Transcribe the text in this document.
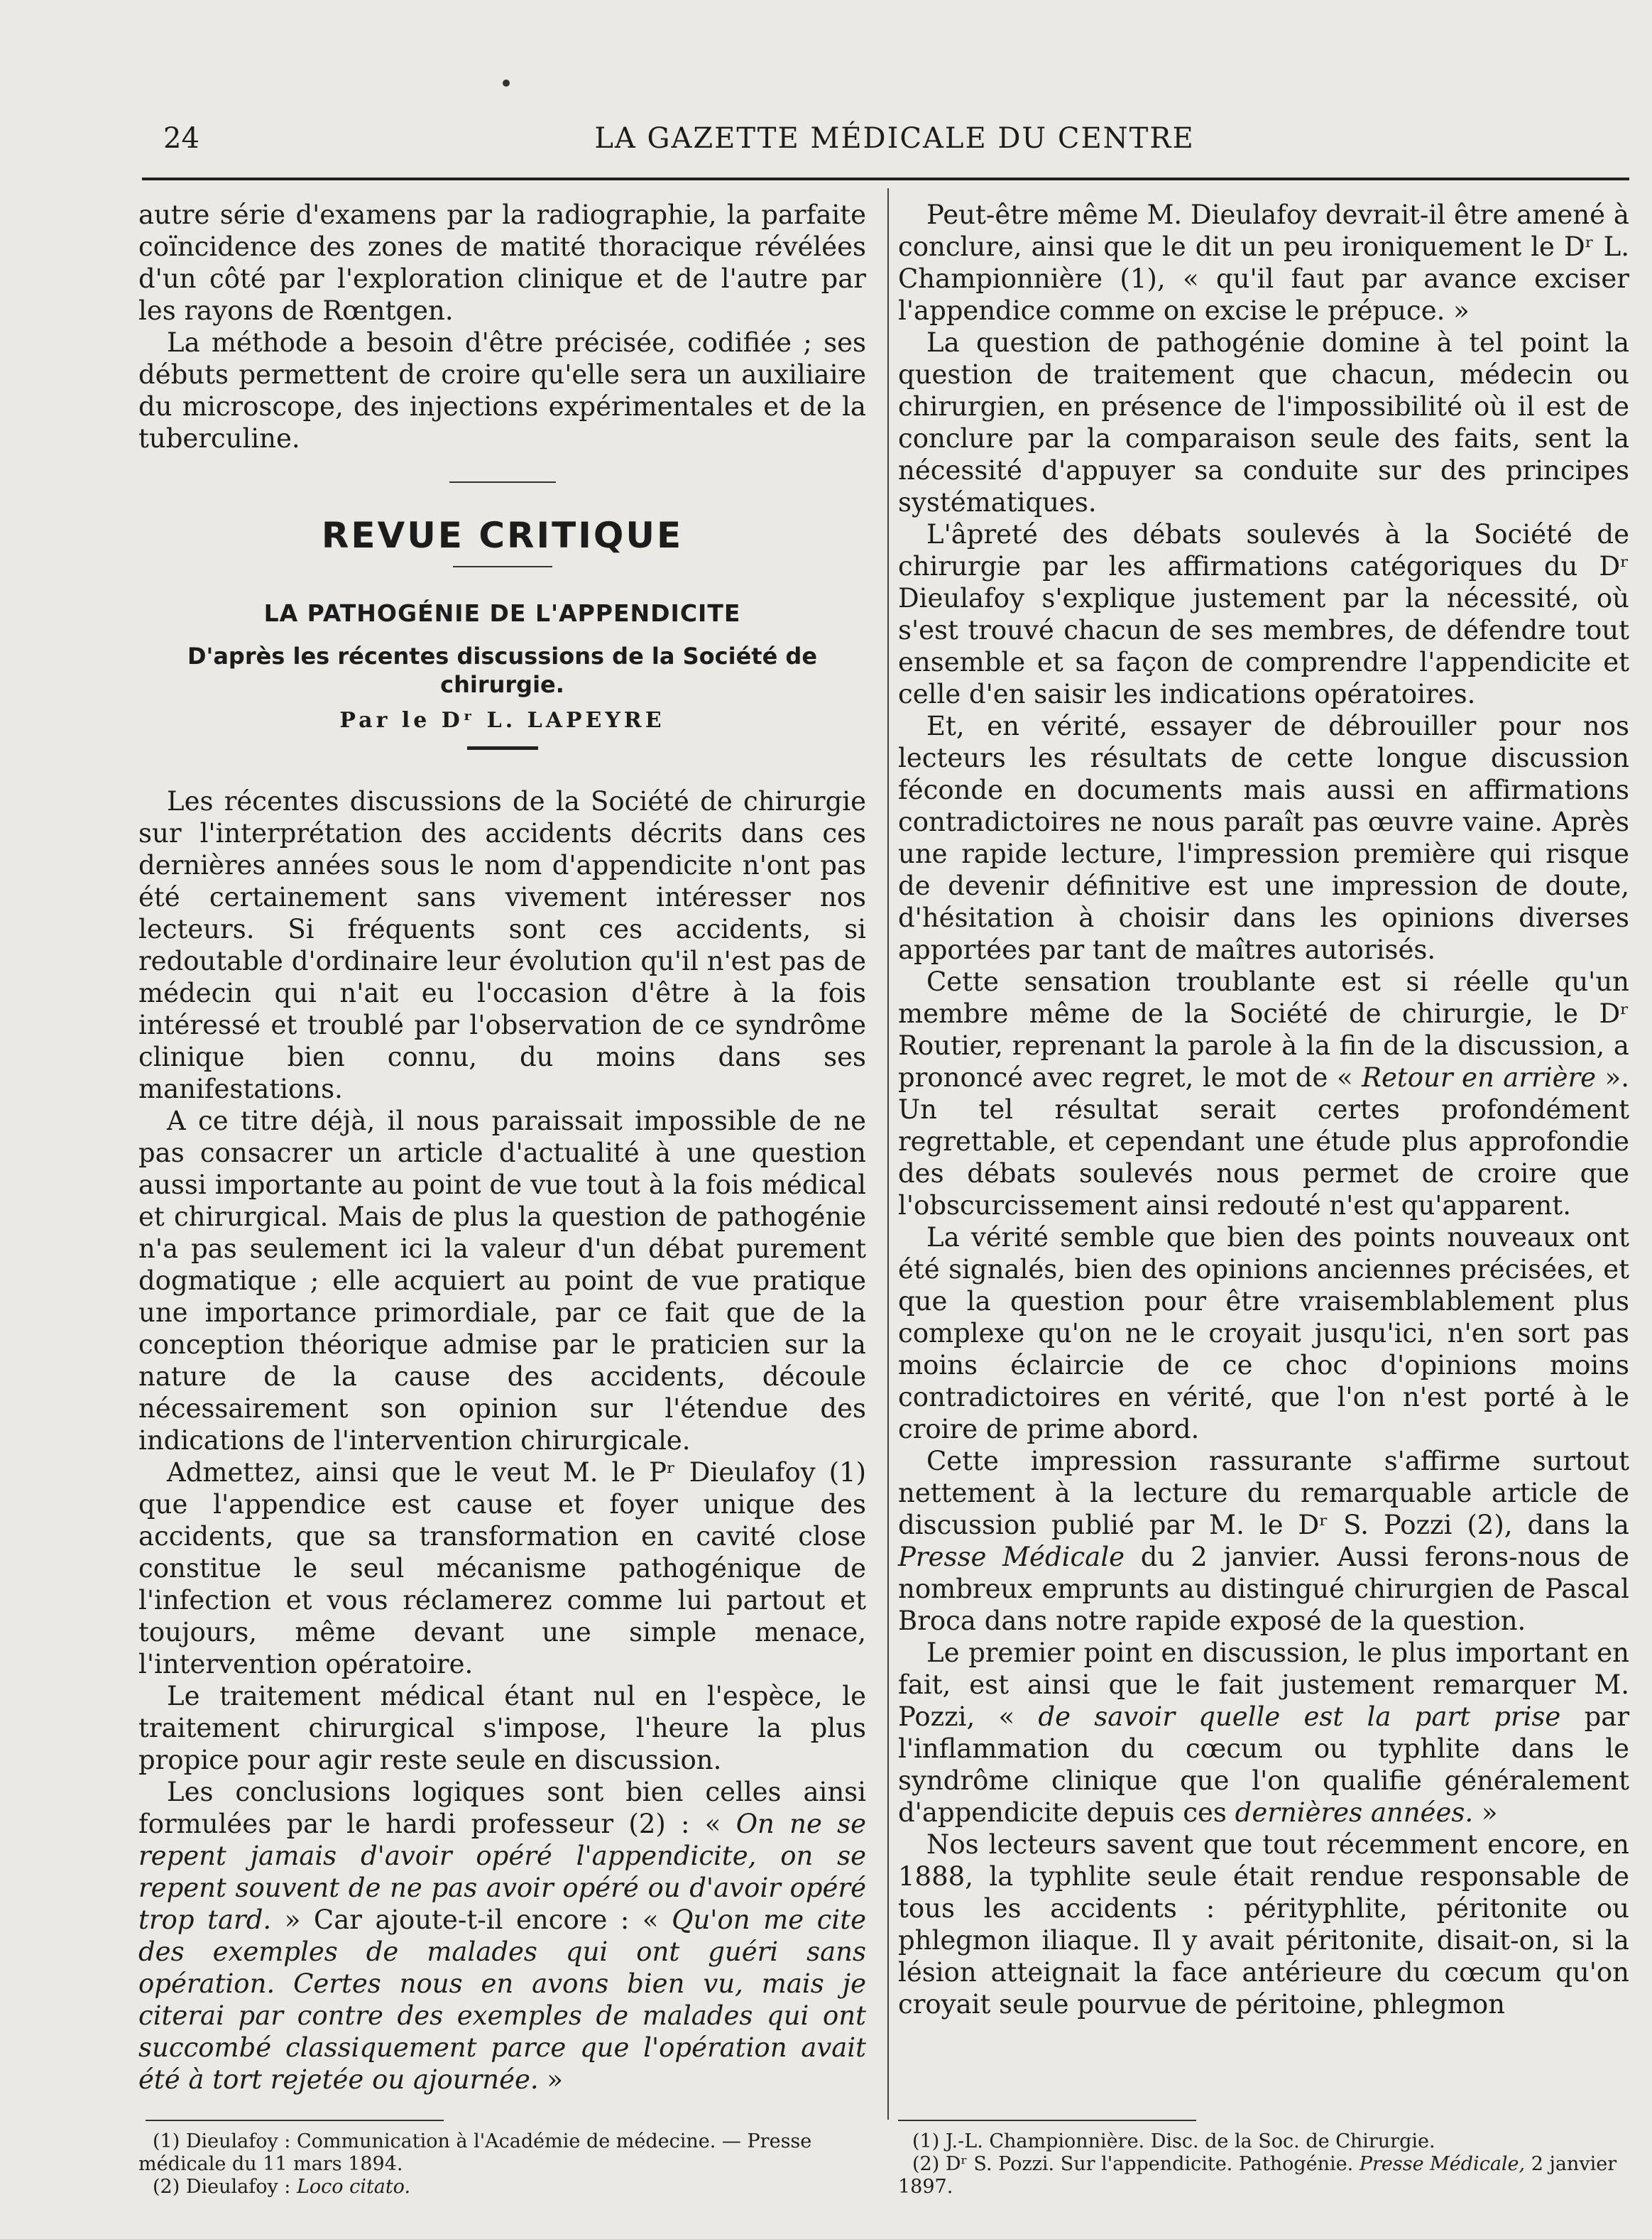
24	LA GAZETTE MÉDICALE DU CENTRE

autre série d'examens par la radiographie, la parfaite coïncidence des zones de matité thoracique révélées d'un côté par l'exploration clinique et de l'autre par les rayons de Rœntgen.

La méthode a besoin d'être précisée, codifiée ; ses débuts permettent de croire qu'elle sera un auxiliaire du microscope, des injections expérimentales et de la tuberculine.

REVUE CRITIQUE
LA PATHOGÉNIE DE L'APPENDICITE
D'après les récentes discussions de la Société de chirurgie.
Par le Dʳ L. LAPEYRE

Les récentes discussions de la Société de chirurgie sur l'interprétation des accidents décrits dans ces dernières années sous le nom d'appendicite n'ont pas été certainement sans vivement intéresser nos lecteurs. Si fréquents sont ces accidents, si redoutable d'ordinaire leur évolution qu'il n'est pas de médecin qui n'ait eu l'occasion d'être à la fois intéressé et troublé par l'observation de ce syndrôme clinique bien connu, du moins dans ses manifestations.

A ce titre déjà, il nous paraissait impossible de ne pas consacrer un article d'actualité à une question aussi importante au point de vue tout à la fois médical et chirurgical. Mais de plus la question de pathogénie n'a pas seulement ici la valeur d'un débat purement dogmatique ; elle acquiert au point de vue pratique une importance primordiale, par ce fait que de la conception théorique admise par le praticien sur la nature de la cause des accidents, découle nécessairement son opinion sur l'étendue des indications de l'intervention chirurgicale.

Admettez, ainsi que le veut M. le Pʳ Dieulafoy (1) que l'appendice est cause et foyer unique des accidents, que sa transformation en cavité close constitue le seul mécanisme pathogénique de l'infection et vous réclamerez comme lui partout et toujours, même devant une simple menace, l'intervention opératoire.

Le traitement médical étant nul en l'espèce, le traitement chirurgical s'impose, l'heure la plus propice pour agir reste seule en discussion.

Les conclusions logiques sont bien celles ainsi formulées par le hardi professeur (2) : « On ne se repent jamais d'avoir opéré l'appendicite, on se repent souvent de ne pas avoir opéré ou d'avoir opéré trop tard. » Car ajoute-t-il encore : « Qu'on me cite des exemples de malades qui ont guéri sans opération. Certes nous en avons bien vu, mais je citerai par contre des exemples de malades qui ont succombé classiquement parce que l'opération avait été à tort rejetée ou ajournée. »

Peut-être même M. Dieulafoy devrait-il être amené à conclure, ainsi que le dit un peu ironiquement le Dʳ L. Championnière (1), « qu'il faut par avance exciser l'appendice comme on excise le prépuce. »

La question de pathogénie domine à tel point la question de traitement que chacun, médecin ou chirurgien, en présence de l'impossibilité où il est de conclure par la comparaison seule des faits, sent la nécessité d'appuyer sa conduite sur des principes systématiques.

L'âpreté des débats soulevés à la Société de chirurgie par les affirmations catégoriques du Dʳ Dieulafoy s'explique justement par la nécessité, où s'est trouvé chacun de ses membres, de défendre tout ensemble et sa façon de comprendre l'appendicite et celle d'en saisir les indications opératoires.

Et, en vérité, essayer de débrouiller pour nos lecteurs les résultats de cette longue discussion féconde en documents mais aussi en affirmations contradictoires ne nous paraît pas œuvre vaine. Après une rapide lecture, l'impression première qui risque de devenir définitive est une impression de doute, d'hésitation à choisir dans les opinions diverses apportées par tant de maîtres autorisés.

Cette sensation troublante est si réelle qu'un membre même de la Société de chirurgie, le Dʳ Routier, reprenant la parole à la fin de la discussion, a prononcé avec regret, le mot de « Retour en arrière ». Un tel résultat serait certes profondément regrettable, et cependant une étude plus approfondie des débats soulevés nous permet de croire que l'obscurcissement ainsi redouté n'est qu'apparent.

La vérité semble que bien des points nouveaux ont été signalés, bien des opinions anciennes précisées, et que la question pour être vraisemblablement plus complexe qu'on ne le croyait jusqu'ici, n'en sort pas moins éclaircie de ce choc d'opinions moins contradictoires en vérité, que l'on n'est porté à le croire de prime abord.

Cette impression rassurante s'affirme surtout nettement à la lecture du remarquable article de discussion publié par M. le Dʳ S. Pozzi (2), dans la Presse Médicale du 2 janvier. Aussi ferons-nous de nombreux emprunts au distingué chirurgien de Pascal Broca dans notre rapide exposé de la question.

Le premier point en discussion, le plus important en fait, est ainsi que le fait justement remarquer M. Pozzi, « de savoir quelle est la part prise par l'inflammation du cœcum ou typhlite dans le syndrôme clinique que l'on qualifie généralement d'appendicite depuis ces dernières années. »

Nos lecteurs savent que tout récemment encore, en 1888, la typhlite seule était rendue responsable de tous les accidents : pérityphlite, péritonite ou phlegmon iliaque. Il y avait péritonite, disait-on, si la lésion atteignait la face antérieure du cœcum qu'on croyait seule pourvue de péritoine, phlegmon

(1) Dieulafoy : Communication à l'Académie de médecine. — Presse médicale du 11 mars 1894.

(2) Dieulafoy : Loco citato.

(1) J.-L. Championnière. Disc. de la Soc. de Chirurgie.

(2) Dʳ S. Pozzi. Sur l'appendicite. Pathogénie. Presse Médicale, 2 janvier 1897.
